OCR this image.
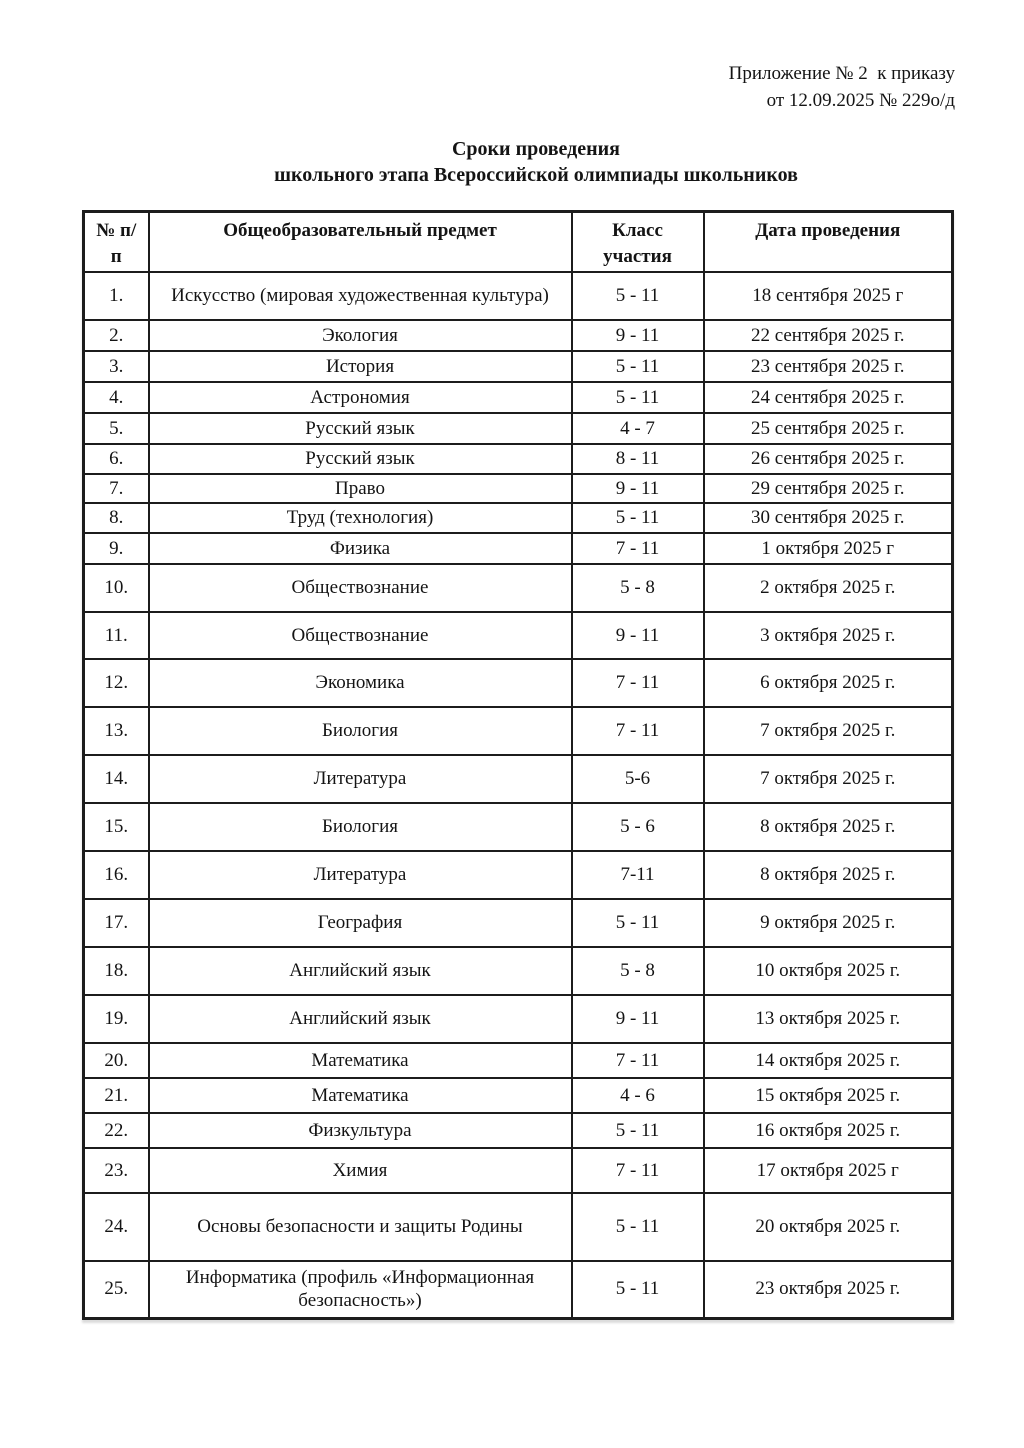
Приложение № 2  к приказу
от 12.09.2025 № 229о/д
Сроки проведения
школьного этапа Всероссийской олимпиады школьников
№ п/п	Общеобразовательный предмет	Класс участия	Дата проведения
1.	Искусство (мировая художественная культура)	5 - 11	18 сентября 2025 г
2.	Экология	9 - 11	22 сентября 2025 г.
3.	История	5 - 11	23 сентября 2025 г.
4.	Астрономия	5 - 11	24 сентября 2025 г.
5.	Русский язык	4 - 7	25 сентября 2025 г.
6.	Русский язык	8 - 11	26 сентября 2025 г.
7.	Право	9 - 11	29 сентября 2025 г.
8.	Труд (технология)	5 - 11	30 сентября 2025 г.
9.	Физика	7 - 11	1 октября 2025 г
10.	Обществознание	5 - 8	2 октября 2025 г.
11.	Обществознание	9 - 11	3 октября 2025 г.
12.	Экономика	7 - 11	6 октября 2025 г.
13.	Биология	7 - 11	7 октября 2025 г.
14.	Литература	5-6	7 октября 2025 г.
15.	Биология	5 - 6	8 октября 2025 г.
16.	Литература	7-11	8 октября 2025 г.
17.	География	5 - 11	9 октября 2025 г.
18.	Английский язык	5 - 8	10 октября 2025 г.
19.	Английский язык	9 - 11	13 октября 2025 г.
20.	Математика	7 - 11	14 октября 2025 г.
21.	Математика	4 - 6	15 октября 2025 г.
22.	Физкультура	5 - 11	16 октября 2025 г.
23.	Химия	7 - 11	17 октября 2025 г
24.	Основы безопасности и защиты Родины	5 - 11	20 октября 2025 г.
25.	Информатика (профиль «Информационная безопасность»)	5 - 11	23 октября 2025 г.
